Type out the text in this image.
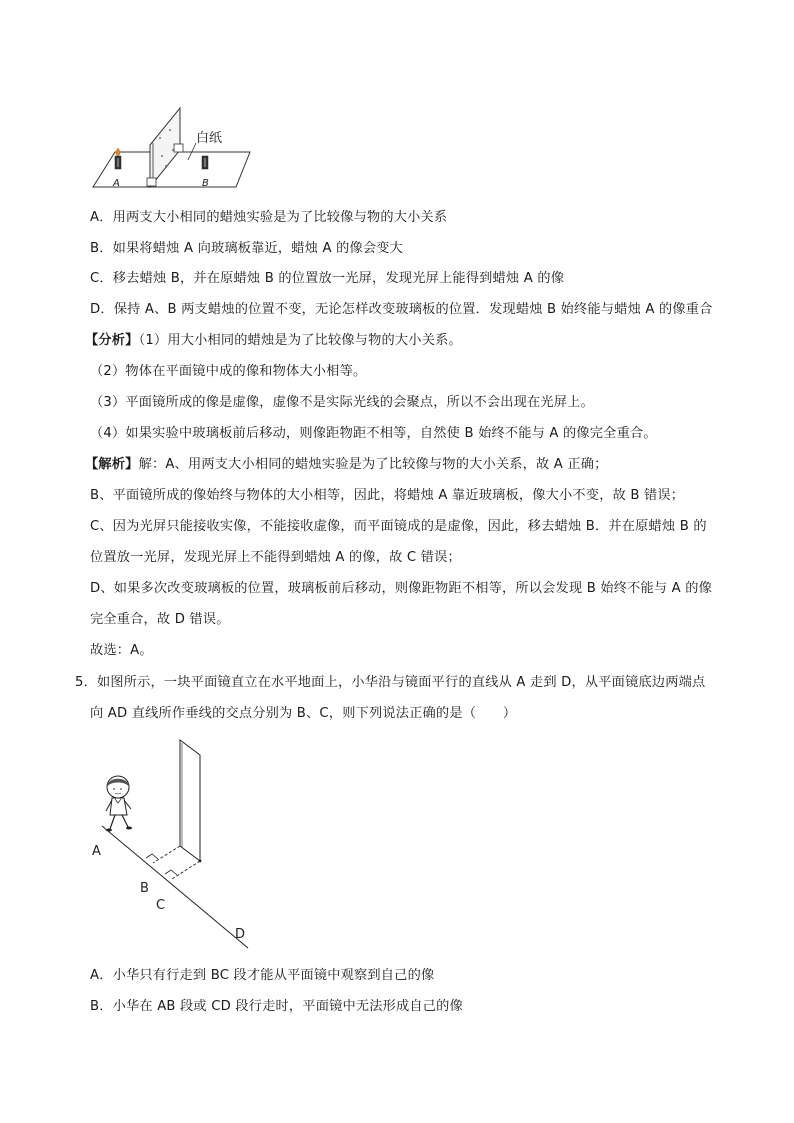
白纸
A	B
A．用两支大小相同的蜡烛实验是为了比较像与物的大小关系
B．如果将蜡烛 A 向玻璃板靠近，蜡烛 A 的像会变大
C．移去蜡烛 B，并在原蜡烛 B 的位置放一光屏，发现光屏上能得到蜡烛 A 的像
D．保持 A、B 两支蜡烛的位置不变，无论怎样改变玻璃板的位置．发现蜡烛 B 始终能与蜡烛 A 的像重合
【分析】（1）用大小相同的蜡烛是为了比较像与物的大小关系。
（2）物体在平面镜中成的像和物体大小相等。
（3）平面镜所成的像是虚像，虚像不是实际光线的会聚点，所以不会出现在光屏上。
（4）如果实验中玻璃板前后移动，则像距物距不相等，自然使 B 始终不能与 A 的像完全重合。
【解析】解：A、用两支大小相同的蜡烛实验是为了比较像与物的大小关系，故 A 正确；
B、平面镜所成的像始终与物体的大小相等，因此，将蜡烛 A 靠近玻璃板，像大小不变，故 B 错误；
C、因为光屏只能接收实像，不能接收虚像，而平面镜成的是虚像，因此，移去蜡烛 B．并在原蜡烛 B 的
位置放一光屏，发现光屏上不能得到蜡烛 A 的像，故 C 错误；
D、如果多次改变玻璃板的位置，玻璃板前后移动，则像距物距不相等，所以会发现 B 始终不能与 A 的像
完全重合，故 D 错误。
故选：A。
5．如图所示，一块平面镜直立在水平地面上，小华沿与镜面平行的直线从 A 走到 D，从平面镜底边两端点
向 AD 直线所作垂线的交点分别为 B、C，则下列说法正确的是（　　）
A
B
C
D
A．小华只有行走到 BC 段才能从平面镜中观察到自己的像
B．小华在 AB 段或 CD 段行走时，平面镜中无法形成自己的像
